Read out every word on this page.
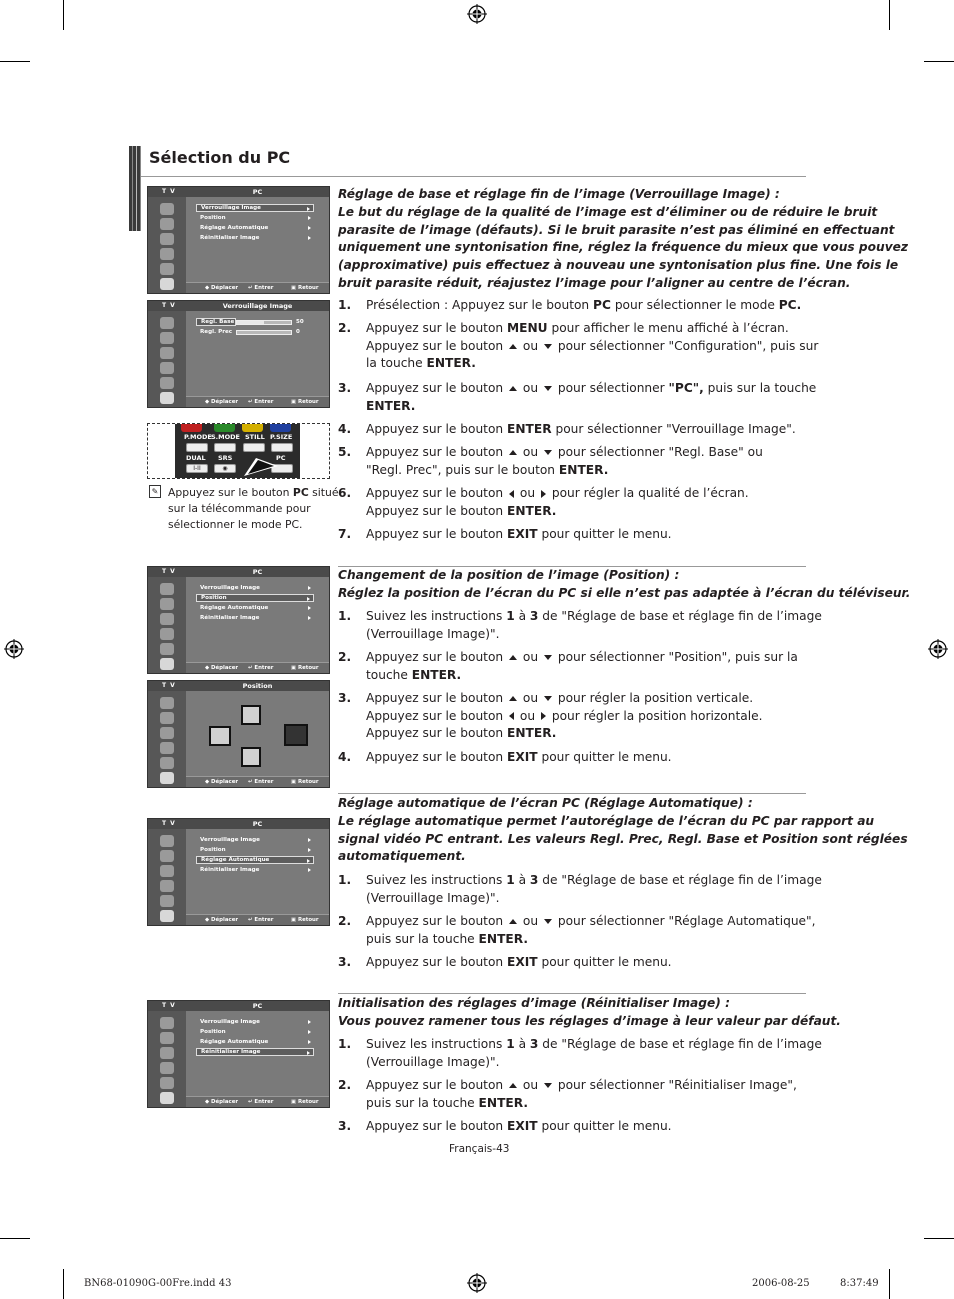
Sélection du PC
Réglage de base et réglage fin de l’image (Verrouillage Image) :
Le but du réglage de la qualité de l’image est d’éliminer ou de réduire le bruit
parasite de l’image (défauts). Si le bruit parasite n’est pas éliminé en effectuant
uniquement une syntonisation fine, réglez la fréquence du mieux que vous pouvez
(approximative) puis effectuez à nouveau une syntonisation plus fine. Une fois le
bruit parasite réduit, réajustez l’image pour l’aligner au centre de l’écran.
1. Présélection : Appuyez sur le bouton PC pour sélectionner le mode PC.
2. Appuyez sur le bouton MENU pour afficher le menu affiché à l’écran.
Appuyez sur le bouton ou pour sélectionner "Configuration", puis sur
la touche ENTER.
3. Appuyez sur le bouton ou pour sélectionner "PC", puis sur la touche
ENTER.
4. Appuyez sur le bouton ENTER pour sélectionner "Verrouillage Image".
5. Appuyez sur le bouton ou pour sélectionner "Regl. Base" ou
"Regl. Prec", puis sur le bouton ENTER.
6. Appuyez sur le bouton ou pour régler la qualité de l’écran.
Appuyez sur le bouton ENTER.
7. Appuyez sur le bouton EXIT pour quitter le menu.
Changement de la position de l’image (Position) :
Réglez la position de l’écran du PC si elle n’est pas adaptée à l’écran du téléviseur.
1. Suivez les instructions 1 à 3 de "Réglage de base et réglage fin de l’image
(Verrouillage Image)".
2. Appuyez sur le bouton ou pour sélectionner "Position", puis sur la
touche ENTER.
3. Appuyez sur le bouton ou pour régler la position verticale.
Appuyez sur le bouton ou pour régler la position horizontale.
Appuyez sur le bouton ENTER.
4. Appuyez sur le bouton EXIT pour quitter le menu.
Réglage automatique de l’écran PC (Réglage Automatique) :
Le réglage automatique permet l’autoréglage de l’écran du PC par rapport au
signal vidéo PC entrant. Les valeurs Regl. Prec, Regl. Base et Position sont réglées
automatiquement.
1. Suivez les instructions 1 à 3 de "Réglage de base et réglage fin de l’image
(Verrouillage Image)".
2. Appuyez sur le bouton ou pour sélectionner "Réglage Automatique",
puis sur la touche ENTER.
3. Appuyez sur le bouton EXIT pour quitter le menu.
Initialisation des réglages d’image (Réinitialiser Image) :
Vous pouvez ramener tous les réglages d’image à leur valeur par défaut.
1. Suivez les instructions 1 à 3 de "Réglage de base et réglage fin de l’image
(Verrouillage Image)".
2. Appuyez sur le bouton ou pour sélectionner "Réinitialiser Image",
puis sur la touche ENTER.
3. Appuyez sur le bouton EXIT pour quitter le menu.
T V	PC
Verrouillage Image
Position
Réglage Automatique
Réinitialiser Image
◆ Déplacer ↵ Entrer	▣ Retour
T V	Verrouillage Image
Regl. Base	50
Regl. Prec	0
◆ Déplacer ↵ Entrer	▣ Retour
T V	PC
Verrouillage Image
Position
Réglage Automatique
Réinitialiser Image
◆ Déplacer ↵ Entrer	▣ Retour
T V	Position
◆ Déplacer ↵ Entrer	▣ Retour
T V	PC
Verrouillage Image
Position
Réglage Automatique
Réinitialiser Image
◆ Déplacer ↵ Entrer	▣ Retour
T V	PC
Verrouillage Image
Position
Réglage Automatique
Réinitialiser Image
◆ Déplacer ↵ Entrer	▣ Retour
P.MODE S.MODE STILL P.SIZE
DUAL SRS	PC
I-II	◉
✎ Appuyez sur le bouton PC situé
sur la télécommande pour
sélectionner le mode PC.
Français-43
BN68-01090G-00Fre.indd 43	2006-08-25	8:37:49
